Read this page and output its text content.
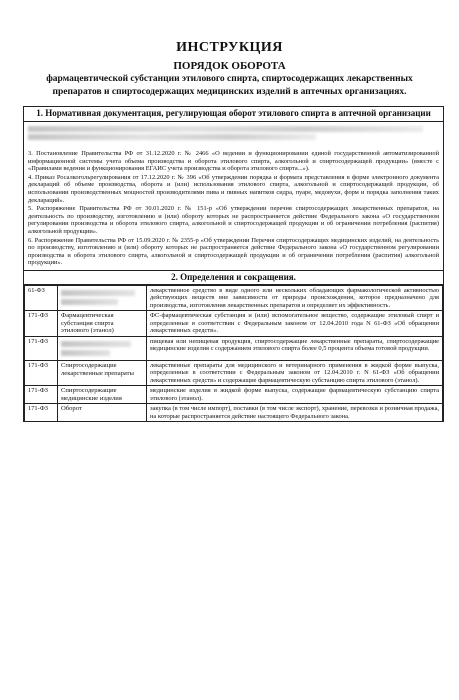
ИНСТРУКЦИЯ
ПОРЯДОК ОБОРОТА
фармацевтической субстанции этилового спирта, спиртосодержащих лекарственных препаратов и спиртосодержащих медицинских изделий в аптечных организациях.
1. Нормативная документация, регулирующая оборот этилового спирта в аптечной организации
3. Постановление Правительства РФ от 31.12.2020 г. № 2466 «О ведении и функционировании единой государственной автоматизированной информационной системы учета объема производства и оборота этилового спирта, алкогольной и спиртосодержащей продукции» (вместе с «Правилами ведения и функционирования ЕГАИС учета производства и оборота этилового спирта...»).
4. Приказ Росалкогольрегулирования от 17.12.2020 г. № 396 «Об утверждении порядка и формата представления в форме электронного документа деклараций об объеме производства, оборота и (или) использования этилового спирта, алкогольной и спиртосодержащей продукции, об использовании производственных мощностей производителями пива и пивных напитков сидра, пуаре, медовухи, форм и порядка заполнения таких деклараций».
5. Распоряжение Правительства РФ от 30.01.2020 г. № 151-р «Об утверждении перечня спиртосодержащих лекарственных препаратов, на деятельность по производству, изготовлению и (или) обороту которых не распространяется действие Федерального закона «О государственном регулировании производства и оборота этилового спирта, алкогольной и спиртосодержащей продукции и об ограничении потребления (распития) алкогольной продукции».
6. Распоряжение Правительства РФ от 15.09.2020 г. № 2355-р «Об утверждении Перечня спиртосодержащих медицинских изделий, на деятельность по производству, изготовлению и (или) обороту которых не распространяется действие Федерального закона «О государственном регулировании производства и оборота этилового спирта, алкогольной и спиртосодержащей продукции и об ограничении потребления (распития) алкогольной продукции».
2. Определения и сокращения.
61-ФЗ		лекарственное средство в виде одного или нескольких обладающих фармакологической активностью действующих веществ вне зависимости от природы происхождения, которое предназначено для производства, изготовления лекарственных препаратов и определяет их эффективность.
171-ФЗ	Фармацевтическая субстанция спирта этилового (этанол)	ФС-фармацевтическая субстанция и (или) вспомогательное вещество, содержащие этиловый спирт и определенные в соответствии с Федеральным законом от 12.04.2010 года N 61-ФЗ «Об обращении лекарственных средств».
171-ФЗ		пищевая или непищевая продукция, спиртосодержащие лекарственные препараты, спиртосодержащие медицинские изделия с содержанием этилового спирта более 0,5 процента объема готовой продукции.
171-ФЗ	Спиртосодержащие лекарственные препараты	лекарственные препараты для медицинского и ветеринарного применения в жидкой форме выпуска, определенные в соответствии с Федеральным законом от 12.04.2010 г. N 61-ФЗ «Об обращении лекарственных средств» и содержащие фармацевтическую субстанцию спирта этилового (этанол).
171-ФЗ	Спиртосодержащие медицинские изделия	медицинские изделия в жидкой форме выпуска, содержащие фармацевтическую субстанцию спирта этилового (этанол).
171-ФЗ	Оборот	закупка (в том числе импорт), поставки (в том числе экспорт), хранение, перевозки и розничная продажа, на которые распространяется действие настоящего Федерального закона.
